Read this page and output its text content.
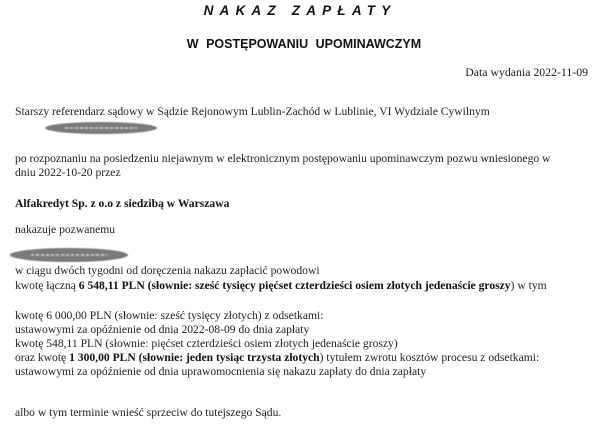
NAKAZ ZAPŁATY
W POSTĘPOWANIU UPOMINAWCZYM
Data wydania 2022-11-09
Starszy referendarz sądowy w Sądzie Rejonowym Lublin-Zachód w Lublinie, VI Wydziale Cywilnym
po rozpoznaniu na posiedzeniu niejawnym w elektronicznym postępowaniu upominawczym pozwu wniesionego w
dniu 2022-10-20 przez
Alfakredyt Sp. z o.o z siedzibą w Warszawa
nakazuje pozwanemu
w ciągu dwóch tygodni od doręczenia nakazu zapłacić powodowi
kwotę łączną 6 548,11 PLN (słownie: sześć tysięcy pięćset czterdzieści osiem złotych jedenaście groszy) w tym
kwotę 6 000,00 PLN (słownie: sześć tysięcy złotych) z odsetkami:
ustawowymi za opóźnienie od dnia 2022-08-09 do dnia zapłaty
kwotę 548,11 PLN (słownie: pięćset czterdzieści osiem złotych jedenaście groszy)
oraz kwotę 1 300,00 PLN (słownie: jeden tysiąc trzysta złotych) tytułem zwrotu kosztów procesu z odsetkami:
ustawowymi za opóźnienie od dnia uprawomocnienia się nakazu zapłaty do dnia zapłaty
albo w tym terminie wnieść sprzeciw do tutejszego Sądu.
